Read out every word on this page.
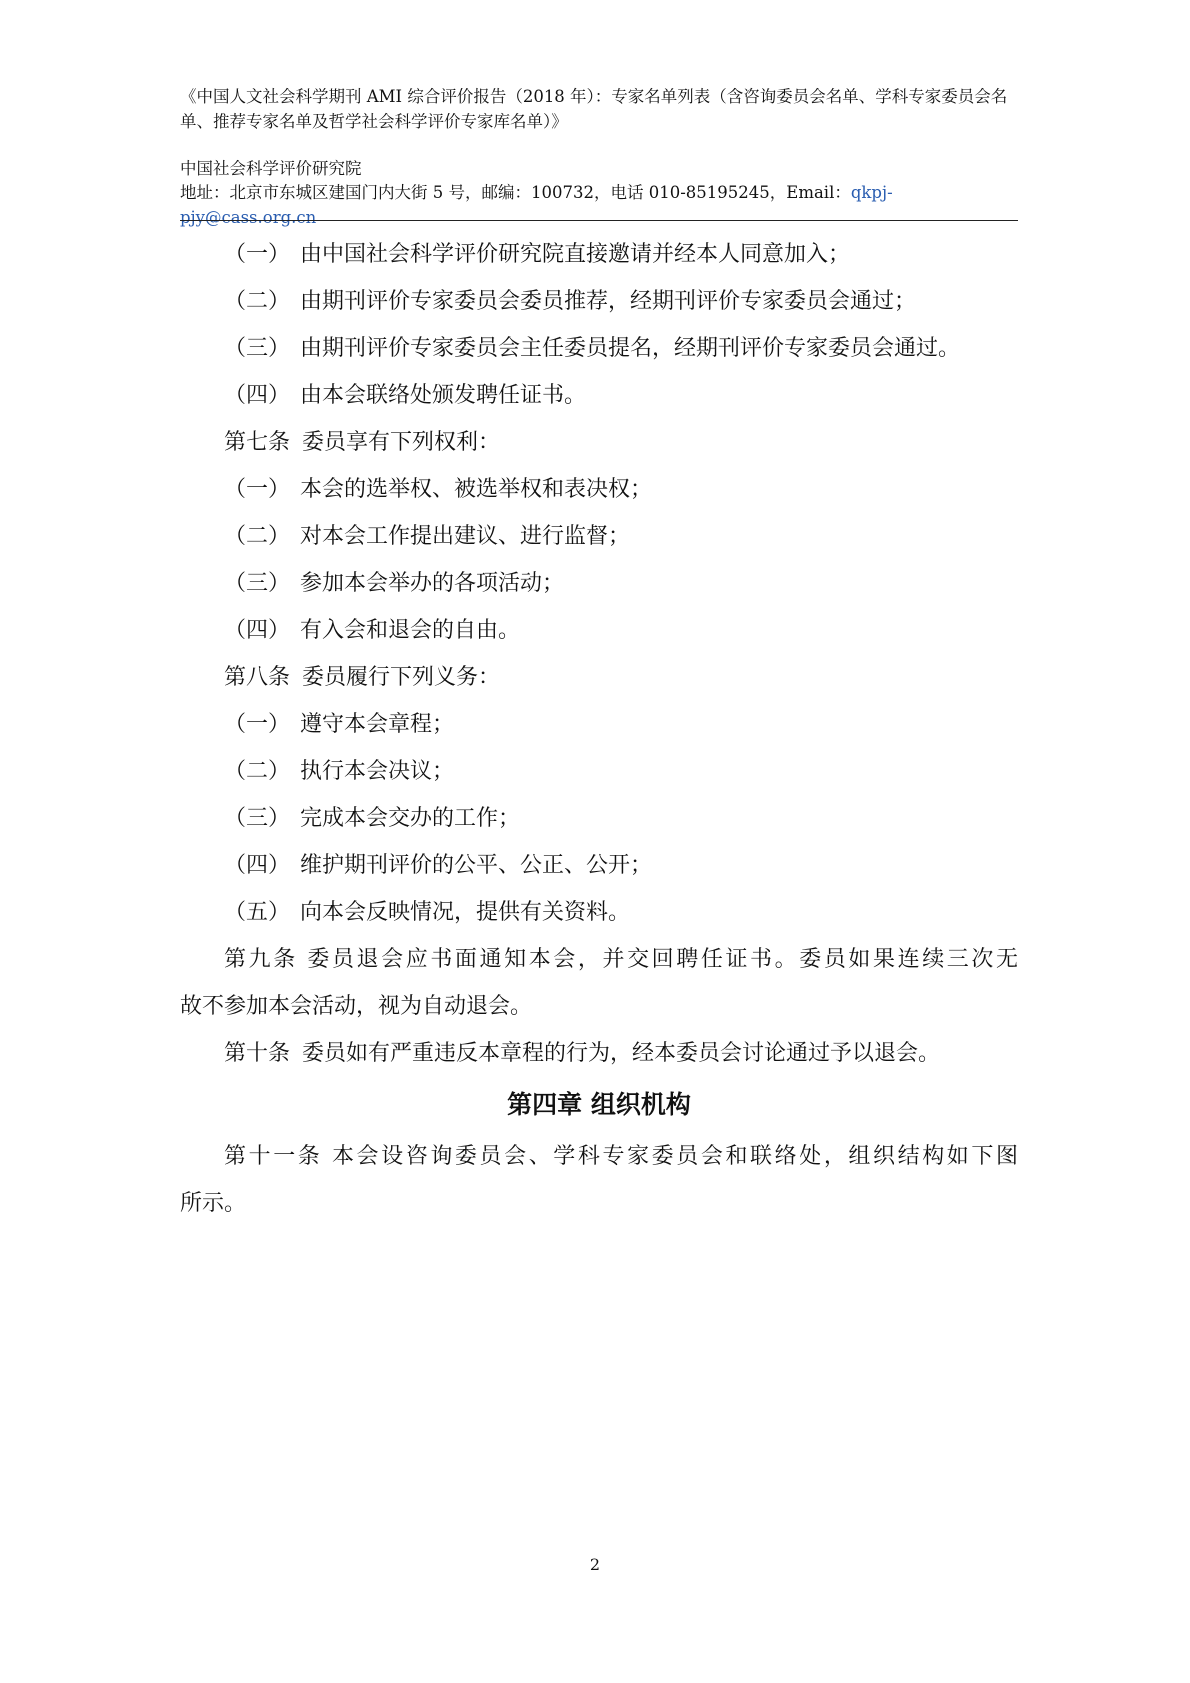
《中国人文社会科学期刊 AMI 综合评价报告（2018 年）：专家名单列表（含咨询委员会名单、学科专家委员会名单、推荐专家名单及哲学社会科学评价专家库名单）》
中国社会科学评价研究院
地址：北京市东城区建国门内大街 5 号，邮编：100732，电话 010-85195245，Email：qkpj-pjy@cass.org.cn
（一） 由中国社会科学评价研究院直接邀请并经本人同意加入；
（二） 由期刊评价专家委员会委员推荐，经期刊评价专家委员会通过；
（三） 由期刊评价专家委员会主任委员提名，经期刊评价专家委员会通过。
（四） 由本会联络处颁发聘任证书。
第七条 委员享有下列权利：
（一） 本会的选举权、被选举权和表决权；
（二） 对本会工作提出建议、进行监督；
（三） 参加本会举办的各项活动；
（四） 有入会和退会的自由。
第八条 委员履行下列义务：
（一） 遵守本会章程；
（二） 执行本会决议；
（三） 完成本会交办的工作；
（四） 维护期刊评价的公平、公正、公开；
（五） 向本会反映情况，提供有关资料。
第九条 委员退会应书面通知本会，并交回聘任证书。委员如果连续三次无
故不参加本会活动，视为自动退会。
第十条 委员如有严重违反本章程的行为，经本委员会讨论通过予以退会。
第四章 组织机构
第十一条 本会设咨询委员会、学科专家委员会和联络处，组织结构如下图
所示。
2
